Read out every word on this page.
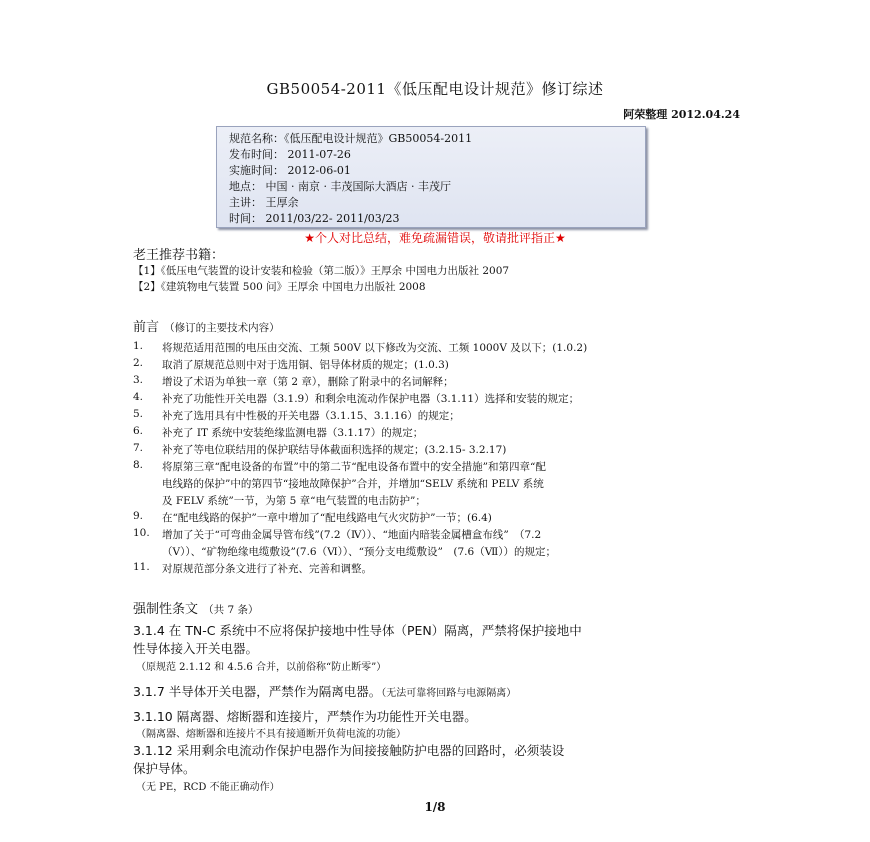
GB50054-2011《低压配电设计规范》修订综述
阿荣整理 2012.04.24
规范名称：《低压配电设计规范》GB50054-2011
发布时间： 2011-07-26
实施时间： 2012-06-01
地点： 中国 · 南京 · 丰茂国际大酒店 · 丰茂厅
主讲： 王厚余
时间： 2011/03/22- 2011/03/23
★个人对比总结，难免疏漏错误，敬请批评指正★
老王推荐书籍：
【1】《低压电气装置的设计安装和检验（第二版）》王厚余 中国电力出版社 2007
【2】《建筑物电气装置 500 问》王厚余 中国电力出版社 2008
前言 （修订的主要技术内容）
1. 将规范适用范围的电压由交流、工频 500V 以下修改为交流、工频 1000V 及以下；(1.0.2)
2. 取消了原规范总则中对于选用铜、铝导体材质的规定；(1.0.3)
3. 增设了术语为单独一章（第 2 章），删除了附录中的名词解释；
4. 补充了功能性开关电器（3.1.9）和剩余电流动作保护电器（3.1.11）选择和安装的规定；
5. 补充了选用具有中性极的开关电器（3.1.15、3.1.16）的规定；
6. 补充了 IT 系统中安装绝缘监测电器（3.1.17）的规定；
7. 补充了等电位联结用的保护联结导体截面积选择的规定；(3.2.15- 3.2.17)
8. 将原第三章“配电设备的布置”中的第二节“配电设备布置中的安全措施”和第四章“配
电线路的保护”中的第四节“接地故障保护”合并，并增加“SELV 系统和 PELV 系统
及 FELV 系统”一节，为第 5 章“电气装置的电击防护”；
9. 在“配电线路的保护”一章中增加了“配电线路电气火灾防护”一节；(6.4)
10. 增加了关于“可弯曲金属导管布线”(7.2（Ⅳ））、“地面内暗装金属槽盒布线”　（7.2
（Ⅴ））、“矿物绝缘电缆敷设”(7.6（Ⅵ））、“预分支电缆敷设”　(7.6（Ⅶ））的规定；
11. 对原规范部分条文进行了补充、完善和调整。
强制性条文 （共 7 条）
3.1.4 在 TN-C 系统中不应将保护接地中性导体（PEN）隔离，严禁将保护接地中
性导体接入开关电器。
（原规范 2.1.12 和 4.5.6 合并，以前俗称“防止断零”）
3.1.7 半导体开关电器，严禁作为隔离电器。（无法可靠将回路与电源隔离）
3.1.10 隔离器、熔断器和连接片，严禁作为功能性开关电器。
（隔离器、熔断器和连接片不具有接通断开负荷电流的功能）
3.1.12 采用剩余电流动作保护电器作为间接接触防护电器的回路时，必须装设
保护导体。
（无 PE，RCD 不能正确动作）
1/8
